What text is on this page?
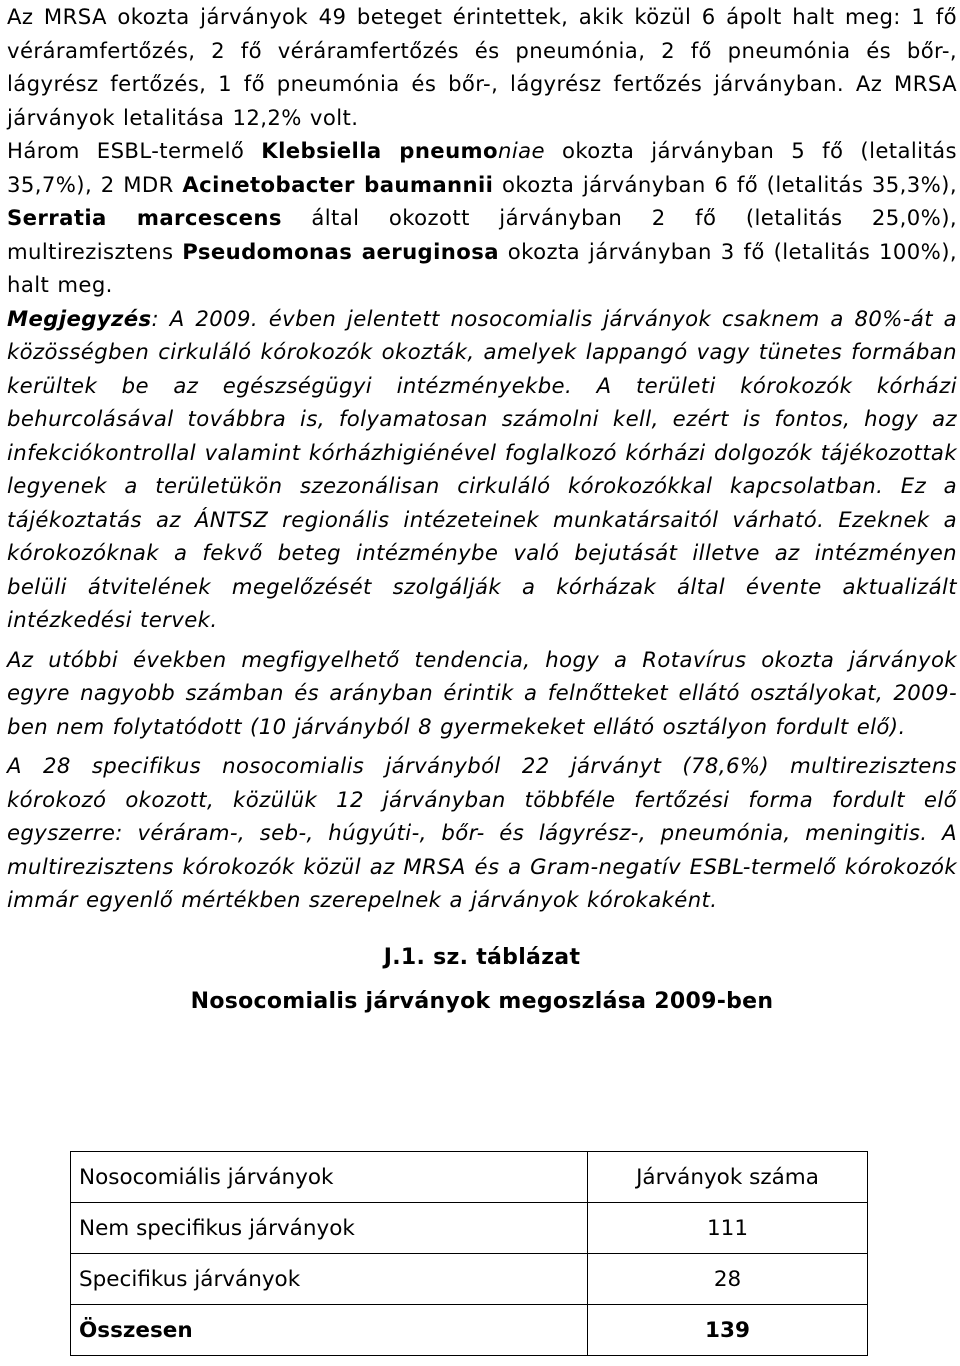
Az MRSA okozta járványok 49 beteget érintettek, akik közül 6 ápolt halt meg: 1 fő véráramfertőzés, 2 fő véráramfertőzés és pneumónia, 2 fő pneumónia és bőr-, lágyrész fertőzés, 1 fő pneumónia és bőr-, lágyrész fertőzés járványban. Az MRSA járványok letalitása 12,2% volt.

Három ESBL-termelő Klebsiella pneumoniae okozta járványban 5 fő (letalitás 35,7%), 2 MDR Acinetobacter baumannii okozta járványban 6 fő (letalitás 35,3%), Serratia marcescens által okozott járványban 2 fő (letalitás 25,0%), multirezisztens Pseudomonas aeruginosa okozta járványban 3 fő (letalitás 100%), halt meg.

Megjegyzés: A 2009. évben jelentett nosocomialis járványok csaknem a 80%-át a közösségben cirkuláló kórokozók okozták, amelyek lappangó vagy tünetes formában kerültek be az egészségügyi intézményekbe. A területi kórokozók kórházi behurcolásával továbbra is, folyamatosan számolni kell, ezért is fontos, hogy az infekciókontrollal valamint kórházhigiénével foglalkozó kórházi dolgozók tájékozottak legyenek a területükön szezonálisan cirkuláló kórokozókkal kapcsolatban. Ez a tájékoztatás az ÁNTSZ regionális intézeteinek munkatársaitól várható. Ezeknek a kórokozóknak a fekvő beteg intézménybe való bejutását illetve az intézményen belüli átvitelének megelőzését szolgálják a kórházak által évente aktualizált intézkedési tervek.

Az utóbbi években megfigyelhető tendencia, hogy a Rotavírus okozta járványok egyre nagyobb számban és arányban érintik a felnőtteket ellátó osztályokat, 2009-ben nem folytatódott (10 járványból 8 gyermekeket ellátó osztályon fordult elő).

A 28 specifikus nosocomialis járványból 22 járványt (78,6%) multirezisztens kórokozó okozott, közülük 12 járványban többféle fertőzési forma fordult elő egyszerre: véráram-, seb-, húgyúti-, bőr- és lágyrész-, pneumónia, meningitis. A multirezisztens kórokozók közül az MRSA és a Gram-negatív ESBL-termelő kórokozók immár egyenlő mértékben szerepelnek a járványok kórokaként.

J.1. sz. táblázat

Nosocomialis járványok megoszlása 2009-ben

Nosocomiális járványok	Járványok száma
Nem specifikus járványok	111
Specifikus járványok	28
Összesen	139
